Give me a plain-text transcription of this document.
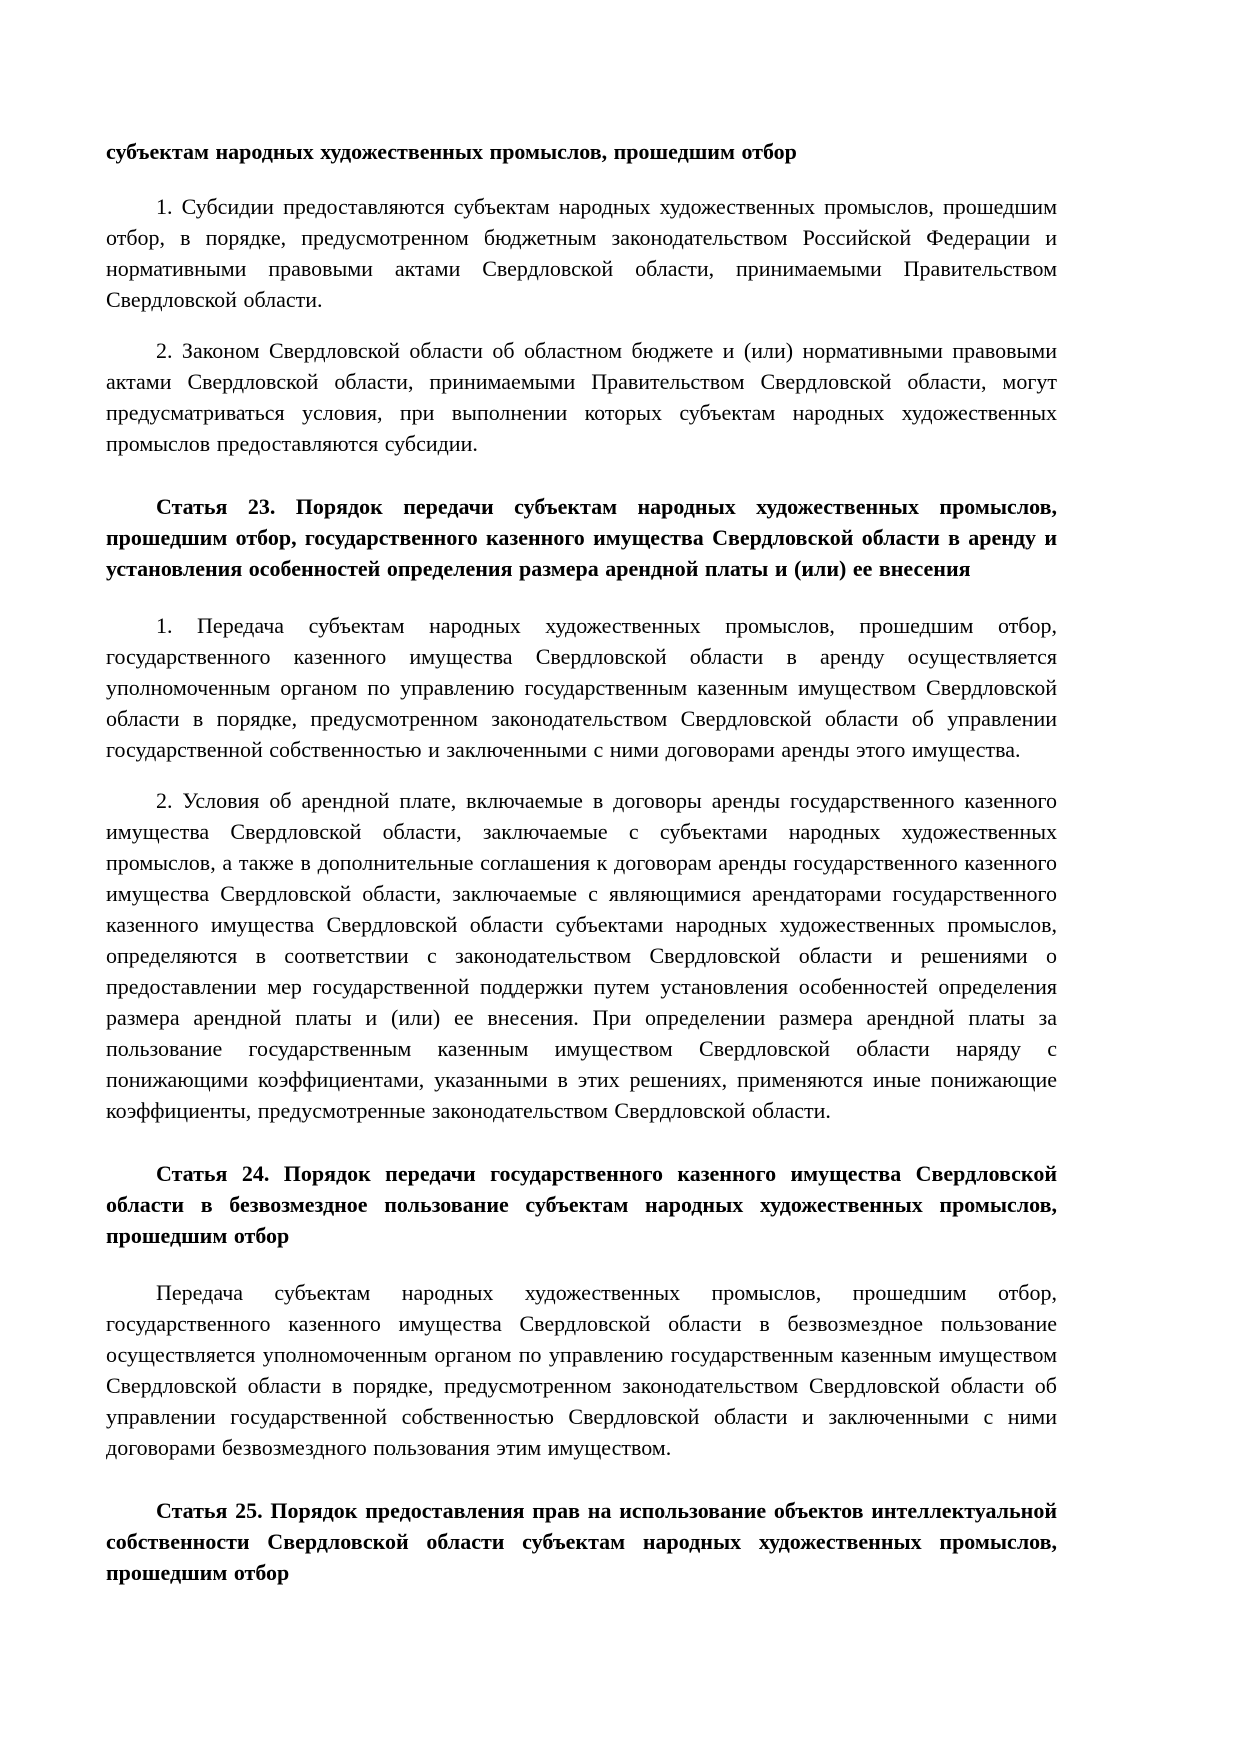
субъектам народных художественных промыслов, прошедшим отбор
1. Субсидии предоставляются субъектам народных художественных промыслов, прошедшим отбор, в порядке, предусмотренном бюджетным законодательством Российской Федерации и нормативными правовыми актами Свердловской области, принимаемыми Правительством Свердловской области.
2. Законом Свердловской области об областном бюджете и (или) нормативными правовыми актами Свердловской области, принимаемыми Правительством Свердловской области, могут предусматриваться условия, при выполнении которых субъектам народных художественных промыслов предоставляются субсидии.
Статья 23. Порядок передачи субъектам народных художественных промыслов, прошедшим отбор, государственного казенного имущества Свердловской области в аренду и установления особенностей определения размера арендной платы и (или) ее внесения
1. Передача субъектам народных художественных промыслов, прошедшим отбор, государственного казенного имущества Свердловской области в аренду осуществляется уполномоченным органом по управлению государственным казенным имуществом Свердловской области в порядке, предусмотренном законодательством Свердловской области об управлении государственной собственностью и заключенными с ними договорами аренды этого имущества.
2. Условия об арендной плате, включаемые в договоры аренды государственного казенного имущества Свердловской области, заключаемые с субъектами народных художественных промыслов, а также в дополнительные соглашения к договорам аренды государственного казенного имущества Свердловской области, заключаемые с являющимися арендаторами государственного казенного имущества Свердловской области субъектами народных художественных промыслов, определяются в соответствии с законодательством Свердловской области и решениями о предоставлении мер государственной поддержки путем установления особенностей определения размера арендной платы и (или) ее внесения. При определении размера арендной платы за пользование государственным казенным имуществом Свердловской области наряду с понижающими коэффициентами, указанными в этих решениях, применяются иные понижающие коэффициенты, предусмотренные законодательством Свердловской области.
Статья 24. Порядок передачи государственного казенного имущества Свердловской области в безвозмездное пользование субъектам народных художественных промыслов, прошедшим отбор
Передача субъектам народных художественных промыслов, прошедшим отбор, государственного казенного имущества Свердловской области в безвозмездное пользование осуществляется уполномоченным органом по управлению государственным казенным имуществом Свердловской области в порядке, предусмотренном законодательством Свердловской области об управлении государственной собственностью Свердловской области и заключенными с ними договорами безвозмездного пользования этим имуществом.
Статья 25. Порядок предоставления прав на использование объектов интеллектуальной собственности Свердловской области субъектам народных художественных промыслов, прошедшим отбор
